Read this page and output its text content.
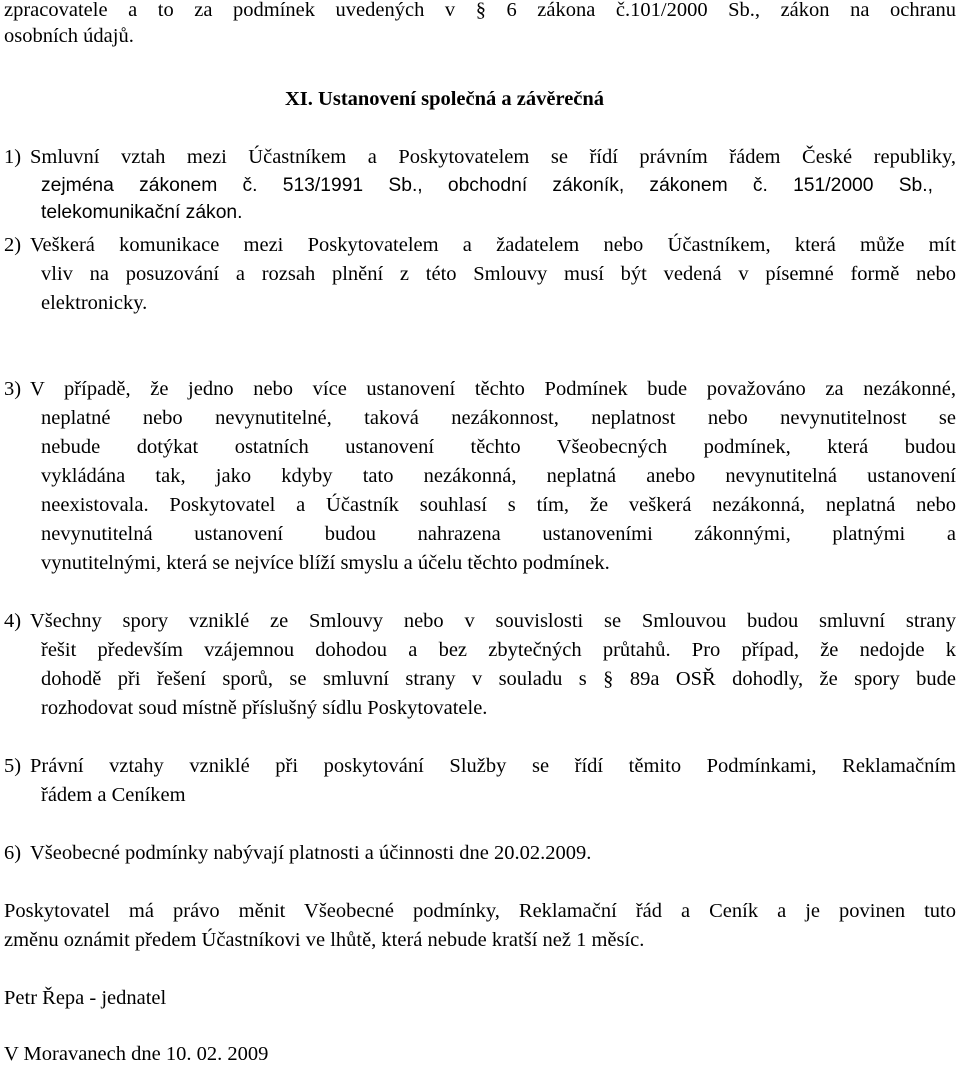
zpracovatele a to za podmínek uvedených v § 6 zákona č.101/2000 Sb., zákon na ochranu
osobních údajů.
XI. Ustanovení společná a závěrečná
1) Smluvní vztah mezi Účastníkem a Poskytovatelem se řídí právním řádem České republiky,
zejména zákonem č. 513/1991 Sb., obchodní zákoník, zákonem č. 151/2000 Sb.,
telekomunikační zákon.
2) Veškerá komunikace mezi Poskytovatelem a žadatelem nebo Účastníkem, která může mít
vliv na posuzování a rozsah plnění z této Smlouvy musí být vedená v písemné formě nebo
elektronicky.
3) V případě, že jedno nebo více ustanovení těchto Podmínek bude považováno za nezákonné,
neplatné nebo nevynutitelné, taková nezákonnost, neplatnost nebo nevynutitelnost se
nebude dotýkat ostatních ustanovení těchto Všeobecných podmínek, která budou
vykládána tak, jako kdyby tato nezákonná, neplatná anebo nevynutitelná ustanovení
neexistovala. Poskytovatel a Účastník souhlasí s tím, že veškerá nezákonná, neplatná nebo
nevynutitelná ustanovení budou nahrazena ustanoveními zákonnými, platnými a
vynutitelnými, která se nejvíce blíží smyslu a účelu těchto podmínek.
4) Všechny spory vzniklé ze Smlouvy nebo v souvislosti se Smlouvou budou smluvní strany
řešit především vzájemnou dohodou a bez zbytečných průtahů. Pro případ, že nedojde k
dohodě při řešení sporů, se smluvní strany v souladu s § 89a OSŘ dohodly, že spory bude
rozhodovat soud místně příslušný sídlu Poskytovatele.
5) Právní vztahy vzniklé při poskytování Služby se řídí těmito Podmínkami, Reklamačním
řádem a Ceníkem
6) Všeobecné podmínky nabývají platnosti a účinnosti dne 20.02.2009.
Poskytovatel má právo měnit Všeobecné podmínky, Reklamační řád a Ceník a je povinen tuto
změnu oznámit předem Účastníkovi ve lhůtě, která nebude kratší než 1 měsíc.
Petr Řepa - jednatel
V Moravanech dne 10. 02. 2009
